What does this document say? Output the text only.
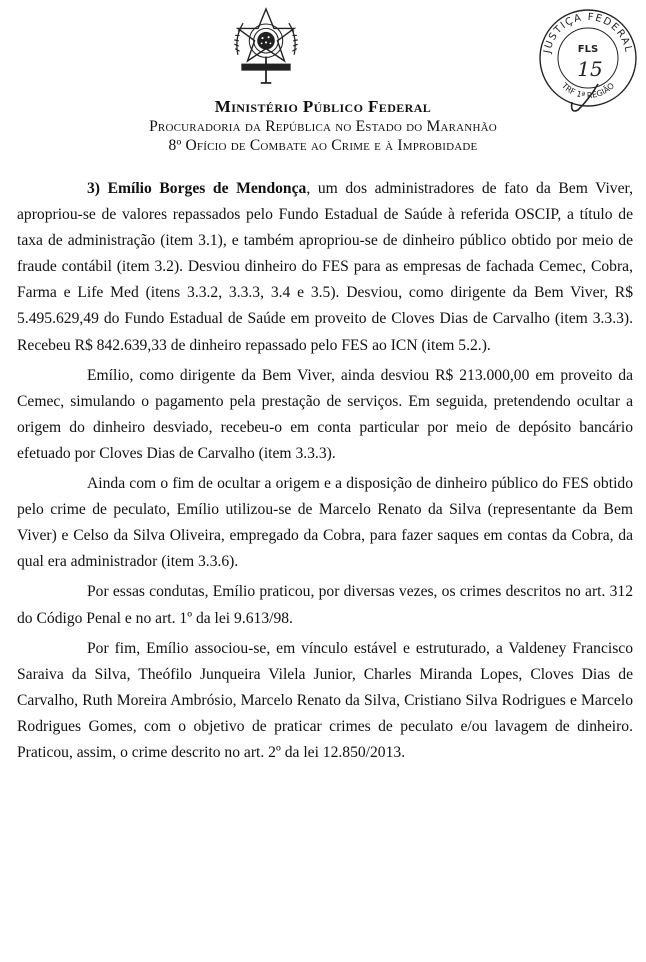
JUSTIÇA FEDERAL
TRF 1ª REGIÃO
FLS
15
Ministério Público Federal
Procuradoria da República no Estado do Maranhão
8º Ofício de Combate ao Crime e à Improbidade

3) Emílio Borges de Mendonça, um dos administradores de fato da Bem Viver, apropriou-se de valores repassados pelo Fundo Estadual de Saúde à referida OSCIP, a título de taxa de administração (item 3.1), e também apropriou-se de dinheiro público obtido por meio de fraude contábil (item 3.2). Desviou dinheiro do FES para as empresas de fachada Cemec, Cobra, Farma e Life Med (itens 3.3.2, 3.3.3, 3.4 e 3.5). Desviou, como dirigente da Bem Viver, R$ 5.495.629,49 do Fundo Estadual de Saúde em proveito de Cloves Dias de Carvalho (item 3.3.3). Recebeu R$ 842.639,33 de dinheiro repassado pelo FES ao ICN (item 5.2.).

Emílio, como dirigente da Bem Viver, ainda desviou R$ 213.000,00 em proveito da Cemec, simulando o pagamento pela prestação de serviços. Em seguida, pretendendo ocultar a origem do dinheiro desviado, recebeu-o em conta particular por meio de depósito bancário efetuado por Cloves Dias de Carvalho (item 3.3.3).

Ainda com o fim de ocultar a origem e a disposição de dinheiro público do FES obtido pelo crime de peculato, Emílio utilizou-se de Marcelo Renato da Silva (representante da Bem Viver) e Celso da Silva Oliveira, empregado da Cobra, para fazer saques em contas da Cobra, da qual era administrador (item 3.3.6).

Por essas condutas, Emílio praticou, por diversas vezes, os crimes descritos no art. 312 do Código Penal e no art. 1º da lei 9.613/98.

Por fim, Emílio associou-se, em vínculo estável e estruturado, a Valdeney Francisco Saraiva da Silva, Theófilo Junqueira Vilela Junior, Charles Miranda Lopes, Cloves Dias de Carvalho, Ruth Moreira Ambrósio, Marcelo Renato da Silva, Cristiano Silva Rodrigues e Marcelo Rodrigues Gomes, com o objetivo de praticar crimes de peculato e/ou lavagem de dinheiro. Praticou, assim, o crime descrito no art. 2º da lei 12.850/2013.
